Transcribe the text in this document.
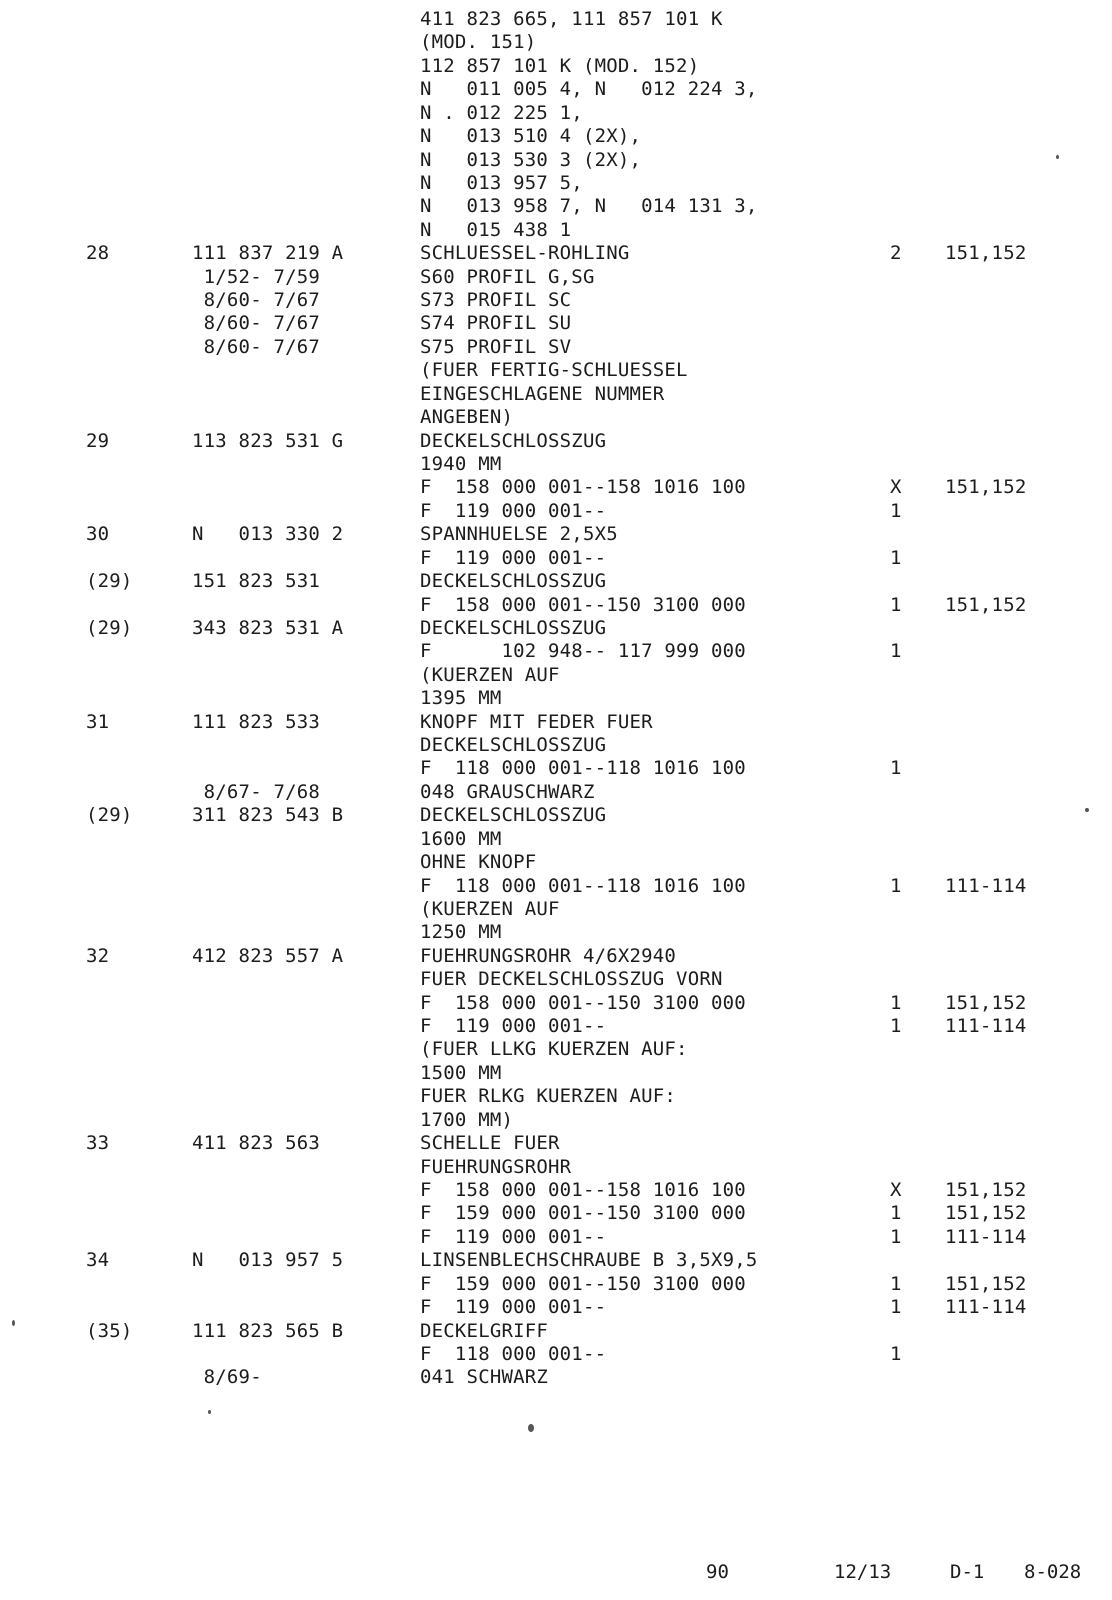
411 823 665, 111 857 101 K
(MOD. 151)
112 857 101 K (MOD. 152)
N   011 005 4, N   012 224 3,
N . 012 225 1,
N   013 510 4 (2X),
N   013 530 3 (2X),
N   013 957 5,
N   013 958 7, N   014 131 3,
N   015 438 1
28	111 837 219 A	SCHLUESSEL-ROHLING	2 151,152
1/52- 7/59	S60 PROFIL G,SG
8/60- 7/67	S73 PROFIL SC
8/60- 7/67	S74 PROFIL SU
8/60- 7/67	S75 PROFIL SV
(FUER FERTIG-SCHLUESSEL
EINGESCHLAGENE NUMMER
ANGEBEN)
29	113 823 531 G	DECKELSCHLOSSZUG
1940 MM
F  158 000 001--158 1016 100	X 151,152
F  119 000 001--	1
30	N   013 330 2	SPANNHUELSE 2,5X5
F  119 000 001--	1
(29)	151 823 531	DECKELSCHLOSSZUG
F  158 000 001--150 3100 000	1 151,152
(29)	343 823 531 A	DECKELSCHLOSSZUG
F      102 948-- 117 999 000	1
(KUERZEN AUF
1395 MM
31	111 823 533	KNOPF MIT FEDER FUER
DECKELSCHLOSSZUG
F  118 000 001--118 1016 100	1
8/67- 7/68	048 GRAUSCHWARZ
(29)	311 823 543 B	DECKELSCHLOSSZUG
1600 MM
OHNE KNOPF
F  118 000 001--118 1016 100	1 111-114
(KUERZEN AUF
1250 MM
32	412 823 557 A	FUEHRUNGSROHR 4/6X2940
FUER DECKELSCHLOSSZUG VORN
F  158 000 001--150 3100 000	1 151,152
F  119 000 001--	1 111-114
(FUER LLKG KUERZEN AUF:
1500 MM
FUER RLKG KUERZEN AUF:
1700 MM)
33	411 823 563	SCHELLE FUER
FUEHRUNGSROHR
F  158 000 001--158 1016 100	X 151,152
F  159 000 001--150 3100 000	1 151,152
F  119 000 001--	1 111-114
34	N   013 957 5	LINSENBLECHSCHRAUBE B 3,5X9,5
F  159 000 001--150 3100 000	1 151,152
F  119 000 001--	1 111-114
(35)	111 823 565 B	DECKELGRIFF
F  118 000 001--	1
8/69-	041 SCHWARZ
90	12/13	D-1 8-028
